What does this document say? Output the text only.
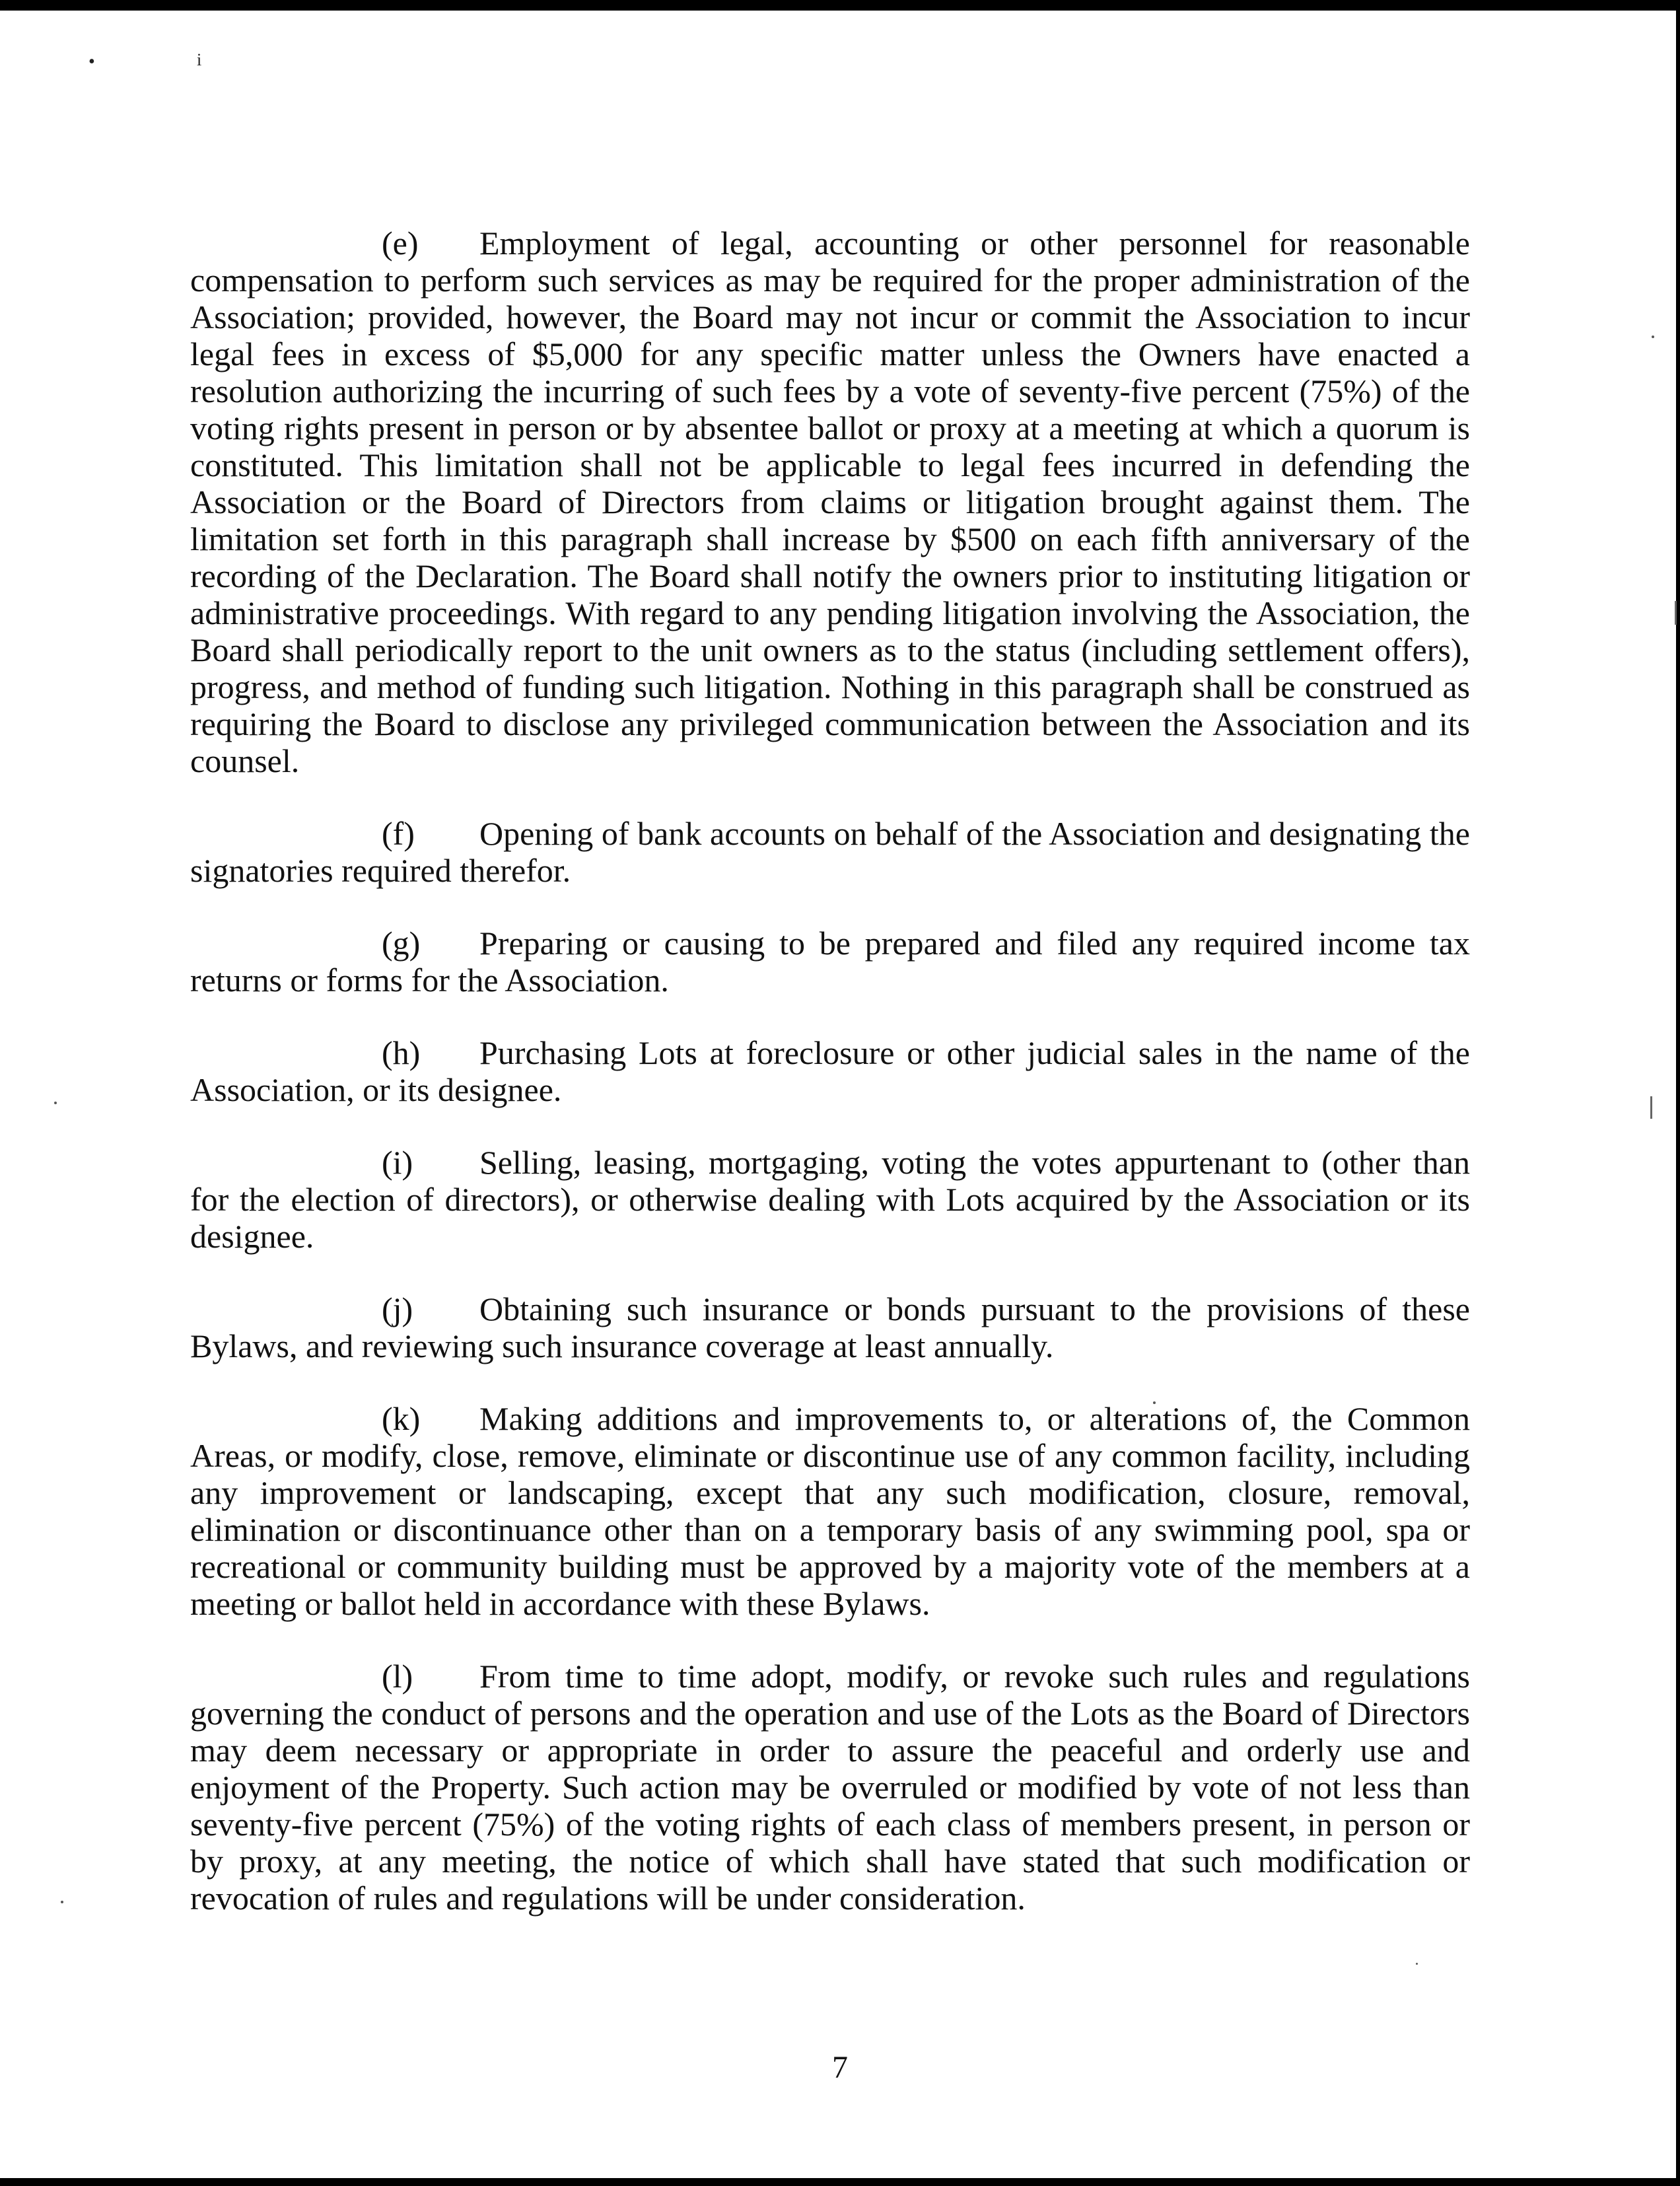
•	i

(e) Employment of legal, accounting or other personnel for reasonable compensation to perform such services as may be required for the proper administration of the Association; provided, however, the Board may not incur or commit the Association to incur legal fees in excess of $5,000 for any specific matter unless the Owners have enacted a resolution authorizing the incurring of such fees by a vote of seventy-five percent (75%) of the voting rights present in person or by absentee ballot or proxy at a meeting at which a quorum is constituted. This limitation shall not be applicable to legal fees incurred in defending the Association or the Board of Directors from claims or litigation brought against them. The limitation set forth in this paragraph shall increase by $500 on each fifth anniversary of the recording of the Declaration. The Board shall notify the owners prior to instituting litigation or administrative proceedings. With regard to any pending litigation involving the Association, the Board shall periodically report to the unit owners as to the status (including settlement offers), progress, and method of funding such litigation. Nothing in this paragraph shall be construed as requiring the Board to disclose any privileged communication between the Association and its counsel.

(f) Opening of bank accounts on behalf of the Association and designating the signatories required therefor.

(g) Preparing or causing to be prepared and filed any required income tax returns or forms for the Association.

(h) Purchasing Lots at foreclosure or other judicial sales in the name of the Association, or its designee.

(i) Selling, leasing, mortgaging, voting the votes appurtenant to (other than for the election of directors), or otherwise dealing with Lots acquired by the Association or its designee.

(j) Obtaining such insurance or bonds pursuant to the provisions of these Bylaws, and reviewing such insurance coverage at least annually.

(k) Making additions and improvements to, or alterations of, the Common Areas, or modify, close, remove, eliminate or discontinue use of any common facility, including any improvement or landscaping, except that any such modification, closure, removal, elimination or discontinuance other than on a temporary basis of any swimming pool, spa or recreational or community building must be approved by a majority vote of the members at a meeting or ballot held in accordance with these Bylaws.

(l) From time to time adopt, modify, or revoke such rules and regulations governing the conduct of persons and the operation and use of the Lots as the Board of Directors may deem necessary or appropriate in order to assure the peaceful and orderly use and enjoyment of the Property. Such action may be overruled or modified by vote of not less than seventy-five percent (75%) of the voting rights of each class of members present, in person or by proxy, at any meeting, the notice of which shall have stated that such modification or revocation of rules and regulations will be under consideration.

7
